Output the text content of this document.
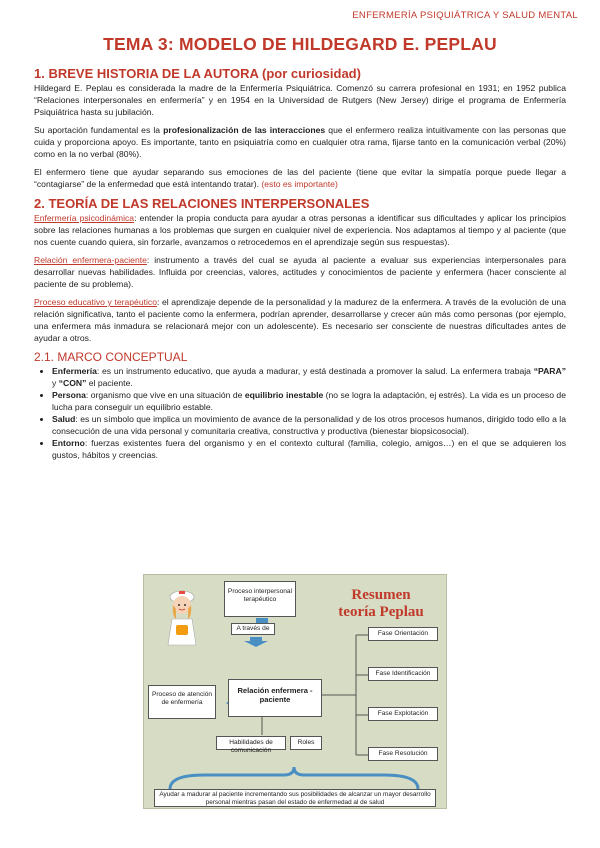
ENFERMERÍA PSIQUIÁTRICA Y SALUD MENTAL
TEMA 3: MODELO DE HILDEGARD E. PEPLAU
1. BREVE HISTORIA DE LA AUTORA (por curiosidad)

Hildegard E. Peplau es considerada la madre de la Enfermería Psiquiátrica. Comenzó su carrera profesional en 1931; en 1952 publica “Relaciones interpersonales en enfermería” y en 1954 en la Universidad de Rutgers (New Jersey) dirige el programa de Enfermería Psiquiátrica hasta su jubilación.

Su aportación fundamental es la profesionalización de las interacciones que el enfermero realiza intuitivamente con las personas que cuida y proporciona apoyo. Es importante, tanto en psiquiatría como en cualquier otra rama, fijarse tanto en la comunicación verbal (20%) como en la no verbal (80%).

El enfermero tiene que ayudar separando sus emociones de las del paciente (tiene que evitar la simpatía porque puede llegar a “contagiarse” de la enfermedad que está intentando tratar). (esto es importante)

2. TEORÍA DE LAS RELACIONES INTERPERSONALES

Enfermería psicodinámica: entender la propia conducta para ayudar a otras personas a identificar sus dificultades y aplicar los principios sobre las relaciones humanas a los problemas que surgen en cualquier nivel de experiencia. Nos adaptamos al tiempo y al paciente (que nos cuente cuando quiera, sin forzarle, avanzamos o retrocedemos en el aprendizaje según sus respuestas).

Relación enfermera-paciente: instrumento a través del cual se ayuda al paciente a evaluar sus experiencias interpersonales para desarrollar nuevas habilidades. Influida por creencias, valores, actitudes y conocimientos de paciente y enfermera (hacer consciente al paciente de su problema).

Proceso educativo y terapéutico: el aprendizaje depende de la personalidad y la madurez de la enfermera. A través de la evolución de una relación significativa, tanto el paciente como la enfermera, podrían aprender, desarrollarse y crecer aún más como personas (por ejemplo, una enfermera más inmadura se relacionará mejor con un adolescente). Es necesario ser consciente de nuestras dificultades antes de ayudar a otros.

2.1. MARCO CONCEPTUAL
• Enfermería: es un instrumento educativo, que ayuda a madurar, y está destinada a promover la salud. La enfermera trabaja “PARA” y “CON” el paciente.
• Persona: organismo que vive en una situación de equilibrio inestable (no se logra la adaptación, ej estrés). La vida es un proceso de lucha para conseguir un equilibrio estable.
• Salud: es un símbolo que implica un movimiento de avance de la personalidad y de los otros procesos humanos, dirigido todo ello a la consecución de una vida personal y comunitaria creativa, constructiva y productiva (bienestar biopsicosocial).
• Entorno: fuerzas existentes fuera del organismo y en el contexto cultural (familia, colegio, amigos…) en el que se adquieren los gustos, hábitos y creencias.
Resumen
teoría Peplau
Proceso interpersonal terapéutico
A través de
Relación enfermera - paciente
Proceso de atención de enfermería
Habilidades de comunicación
Roles
Fase Orientación
Fase Identificación
Fase Explotación
Fase Resolución
Ayudar a madurar al paciente incrementando sus posibilidades de alcanzar un mayor desarrollo personal mientras pasan del estado de enfermedad al de salud
